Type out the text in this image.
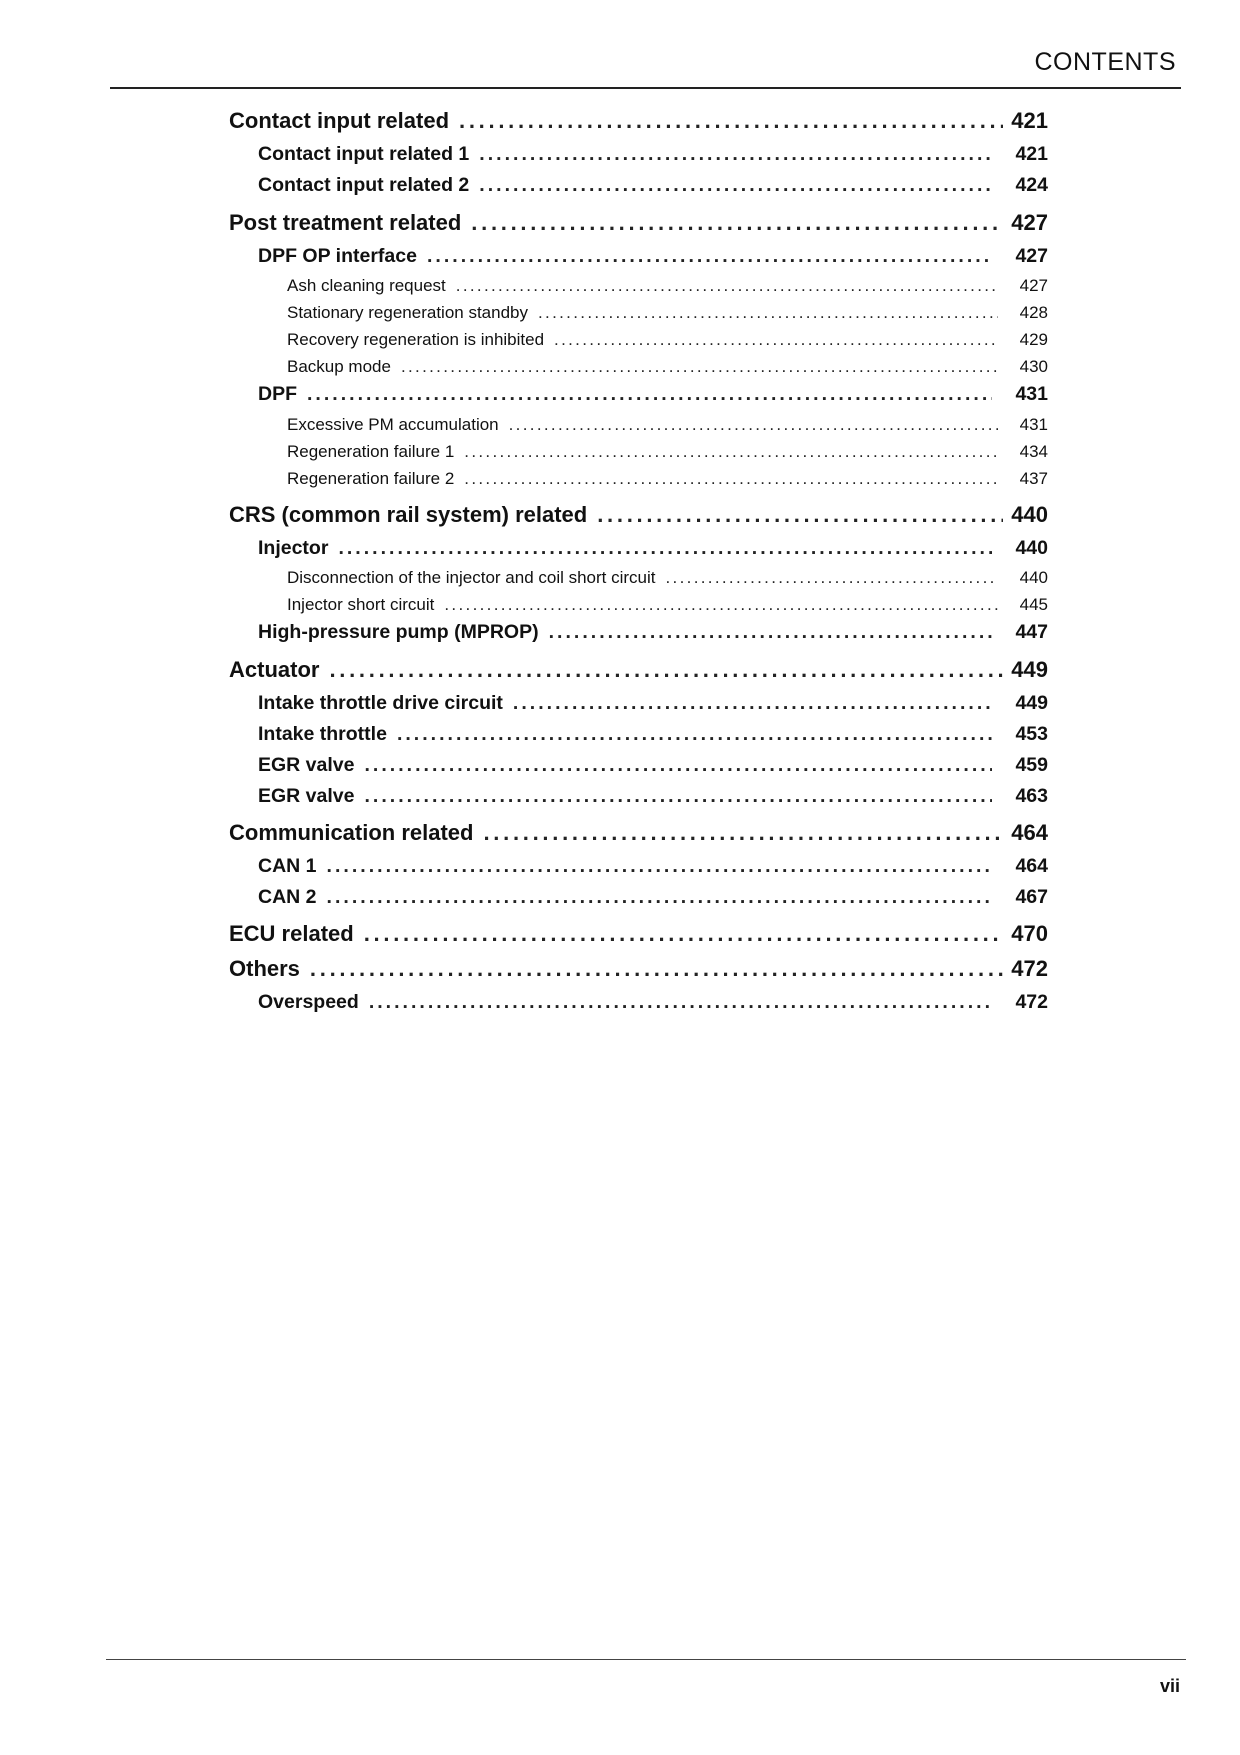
CONTENTS
Contact input related . . .	421
Contact input related 1 . . .	421
Contact input related 2 . . .	424
Post treatment related . . .	427
DPF OP interface . . .	427
Ash cleaning request . . .	427
Stationary regeneration standby . . .	428
Recovery regeneration is inhibited . . .	429
Backup mode . . .	430
DPF . . .	431
Excessive PM accumulation . . .	431
Regeneration failure 1 . . .	434
Regeneration failure 2 . . .	437
CRS (common rail system) related . . .	440
Injector . . .	440
Disconnection of the injector and coil short circuit . . .	440
Injector short circuit . . .	445
High-pressure pump (MPROP) . . .	447
Actuator . . .	449
Intake throttle drive circuit . . .	449
Intake throttle . . .	453
EGR valve . . .	459
EGR valve . . .	463
Communication related . . .	464
CAN 1 . . .	464
CAN 2 . . .	467
ECU related . . .	470
Others . . .	472
Overspeed . . .	472
vii
